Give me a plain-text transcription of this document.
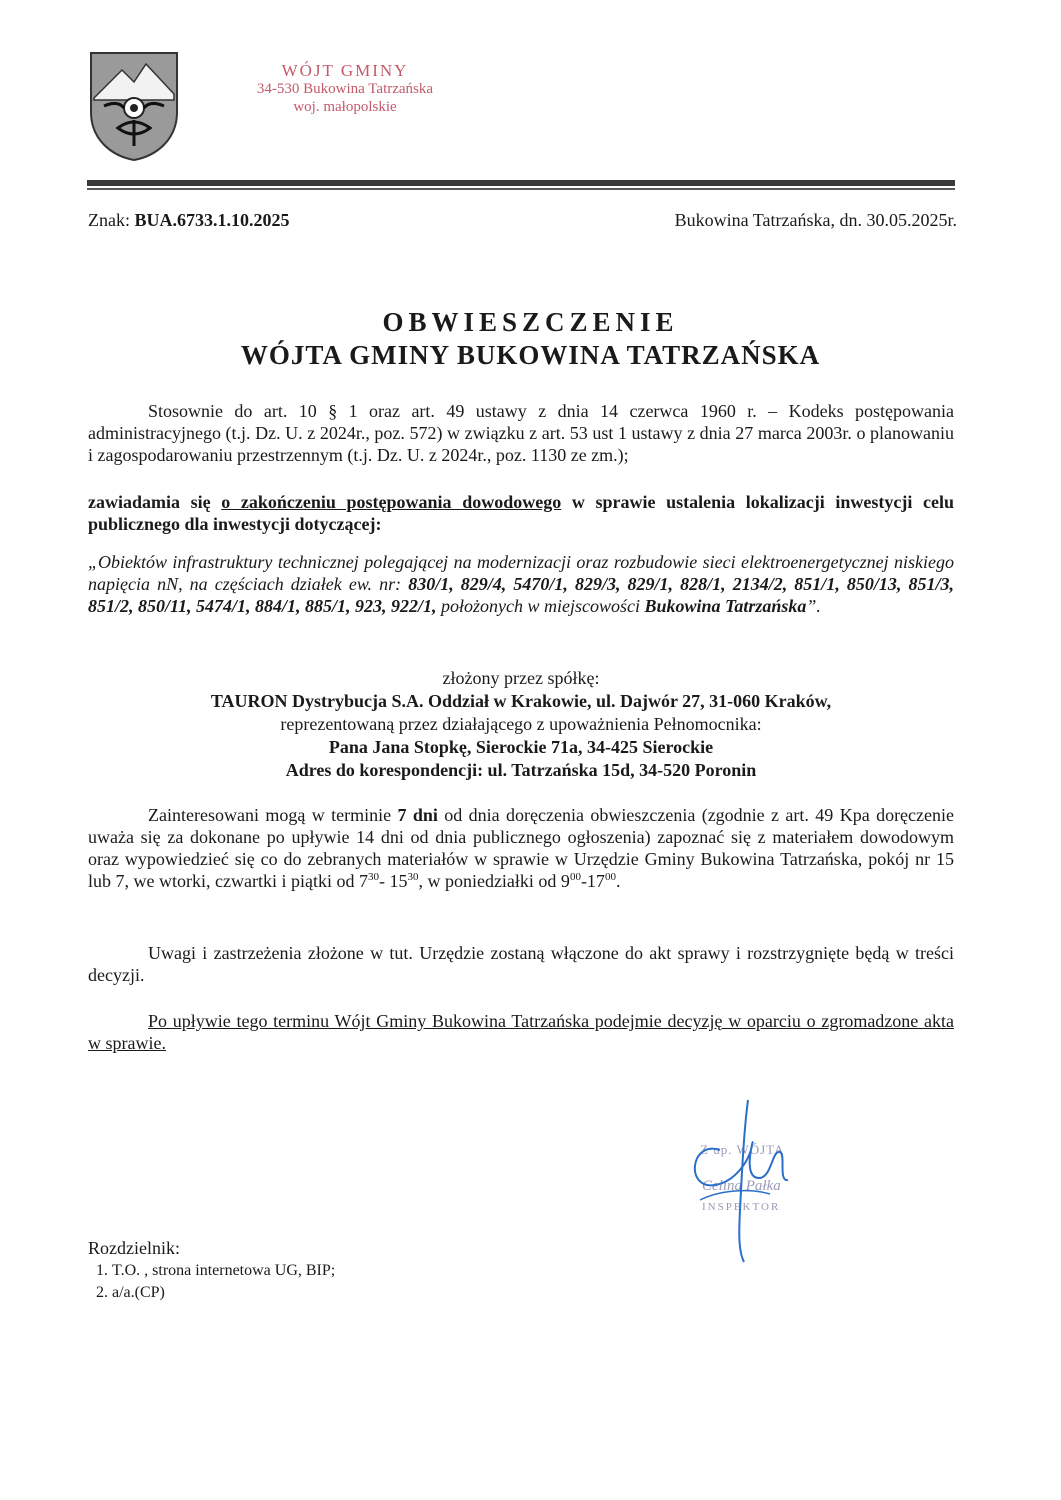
WÓJT GMINY
34-530 Bukowina Tatrzańska
woj. małopolskie
Znak: BUA.6733.1.10.2025	Bukowina Tatrzańska, dn. 30.05.2025r.
OBWIESZCZENIE
WÓJTA GMINY BUKOWINA TATRZAŃSKA
Stosownie do art. 10 § 1 oraz art. 49 ustawy z dnia 14 czerwca 1960 r. – Kodeks postępowania administracyjnego (t.j. Dz. U. z 2024r., poz. 572) w związku z art. 53 ust 1 ustawy z dnia 27 marca 2003r. o planowaniu i zagospodarowaniu przestrzennym (t.j. Dz. U. z 2024r., poz. 1130 ze zm.);
zawiadamia się o zakończeniu postępowania dowodowego w sprawie ustalenia lokalizacji inwestycji celu publicznego dla inwestycji dotyczącej:
„Obiektów infrastruktury technicznej polegającej na modernizacji oraz rozbudowie sieci elektroenergetycznej niskiego napięcia nN, na częściach działek ew. nr: 830/1, 829/4, 5470/1, 829/3, 829/1, 828/1, 2134/2, 851/1, 850/13, 851/3, 851/2, 850/11, 5474/1, 884/1, 885/1, 923, 922/1, położonych w miejscowości Bukowina Tatrzańska”.
złożony przez spółkę:
TAURON Dystrybucja S.A. Oddział w Krakowie, ul. Dajwór 27, 31-060 Kraków,
reprezentowaną przez działającego z upoważnienia Pełnomocnika:
Pana Jana Stopkę, Sierockie 71a, 34-425 Sierockie
Adres do korespondencji: ul. Tatrzańska 15d, 34-520 Poronin
Zainteresowani mogą w terminie 7 dni od dnia doręczenia obwieszczenia (zgodnie z art. 49 Kpa doręczenie uważa się za dokonane po upływie 14 dni od dnia publicznego ogłoszenia) zapoznać się z materiałem dowodowym oraz wypowiedzieć się co do zebranych materiałów w sprawie w Urzędzie Gminy Bukowina Tatrzańska, pokój nr 15 lub 7, we wtorki, czwartki i piątki od $7^{30}-$ $15^{30}$, w poniedziałki od $9^{00}-17^{00}$.
Uwagi i zastrzeżenia złożone w tut. Urzędzie zostaną włączone do akt sprawy i rozstrzygnięte będą w treści decyzji.
Po upływie tego terminu Wójt Gminy Bukowina Tatrzańska podejmie decyzję w oparciu o zgromadzone akta w sprawie.
Z up. WÓJTA
Celina Pałka
INSPEKTOR
Rozdzielnik:
1. T.O. , strona internetowa UG, BIP;
2. a/a.(CP)
